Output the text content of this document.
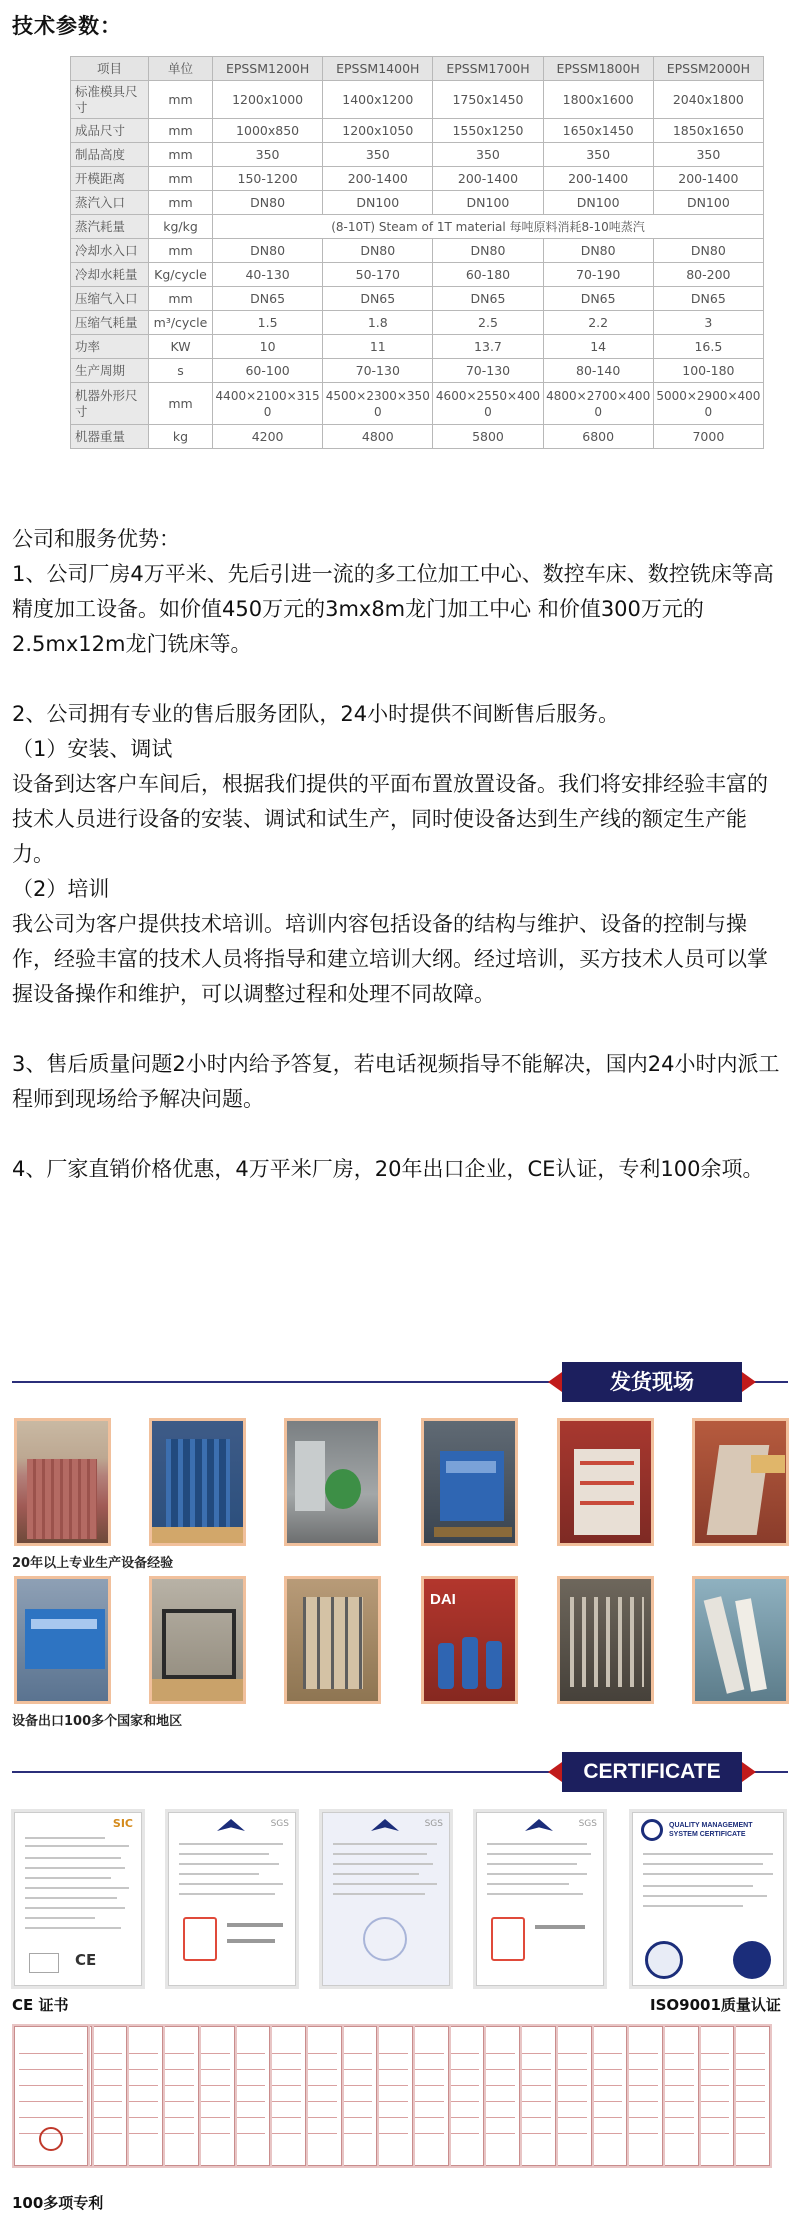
技术参数：
项目	单位	EPSSM1200H	EPSSM1400H	EPSSM1700H	EPSSM1800H	EPSSM2000H
标准模具尺寸	mm	1200x1000	1400x1200	1750x1450	1800x1600	2040x1800
成品尺寸	mm	1000x850	1200x1050	1550x1250	1650x1450	1850x1650
制品高度	mm	350	350	350	350	350
开模距离	mm	150-1200	200-1400	200-1400	200-1400	200-1400
蒸汽入口	mm	DN80	DN100	DN100	DN100	DN100
蒸汽耗量	kg/kg	(8-10T) Steam of 1T material 每吨原料消耗8-10吨蒸汽				
冷却水入口	mm	DN80	DN80	DN80	DN80	DN80
冷却水耗量	Kg/cycle	40-130	50-170	60-180	70-190	80-200
压缩气入口	mm	DN65	DN65	DN65	DN65	DN65
压缩气耗量	m³/cycle	1.5	1.8	2.5	2.2	3
功率	KW	10	11	13.7	14	16.5
生产周期	s	60-100	70-130	70-130	80-140	100-180
机器外形尺寸	mm	4400×2100×3150	4500×2300×3500	4600×2550×4000	4800×2700×4000	5000×2900×4000
机器重量	kg	4200	4800	5800	6800	7000

公司和服务优势：

1、公司厂房4万平米、先后引进一流的多工位加工中心、数控车床、数控铣床等高精度加工设备。如价值450万元的3mx8m龙门加工中心 和价值300万元的2.5mx12m龙门铣床等。

2、公司拥有专业的售后服务团队，24小时提供不间断售后服务。

（1）安装、调试

设备到达客户车间后，根据我们提供的平面布置放置设备。我们将安排经验丰富的技术人员进行设备的安装、调试和试生产，同时使设备达到生产线的额定生产能力。

（2）培训

我公司为客户提供技术培训。培训内容包括设备的结构与维护、设备的控制与操作，经验丰富的技术人员将指导和建立培训大纲。经过培训，买方技术人员可以掌握设备操作和维护，可以调整过程和处理不同故障。

3、售后质量问题2小时内给予答复，若电话视频指导不能解决，国内24小时内派工程师到现场给予解决问题。

4、厂家直销价格优惠，4万平米厂房，20年出口企业，CE认证，专利100余项。

发货现场
20年以上专业生产设备经验
DAI
设备出口100多个国家和地区
CERTIFICATE
SIC
CE
SGS	SGS	SGS	QUALITY MANAGEMENT SYSTEM CERTIFICATE
CE 证书	ISO9001质量认证
100多项专利
